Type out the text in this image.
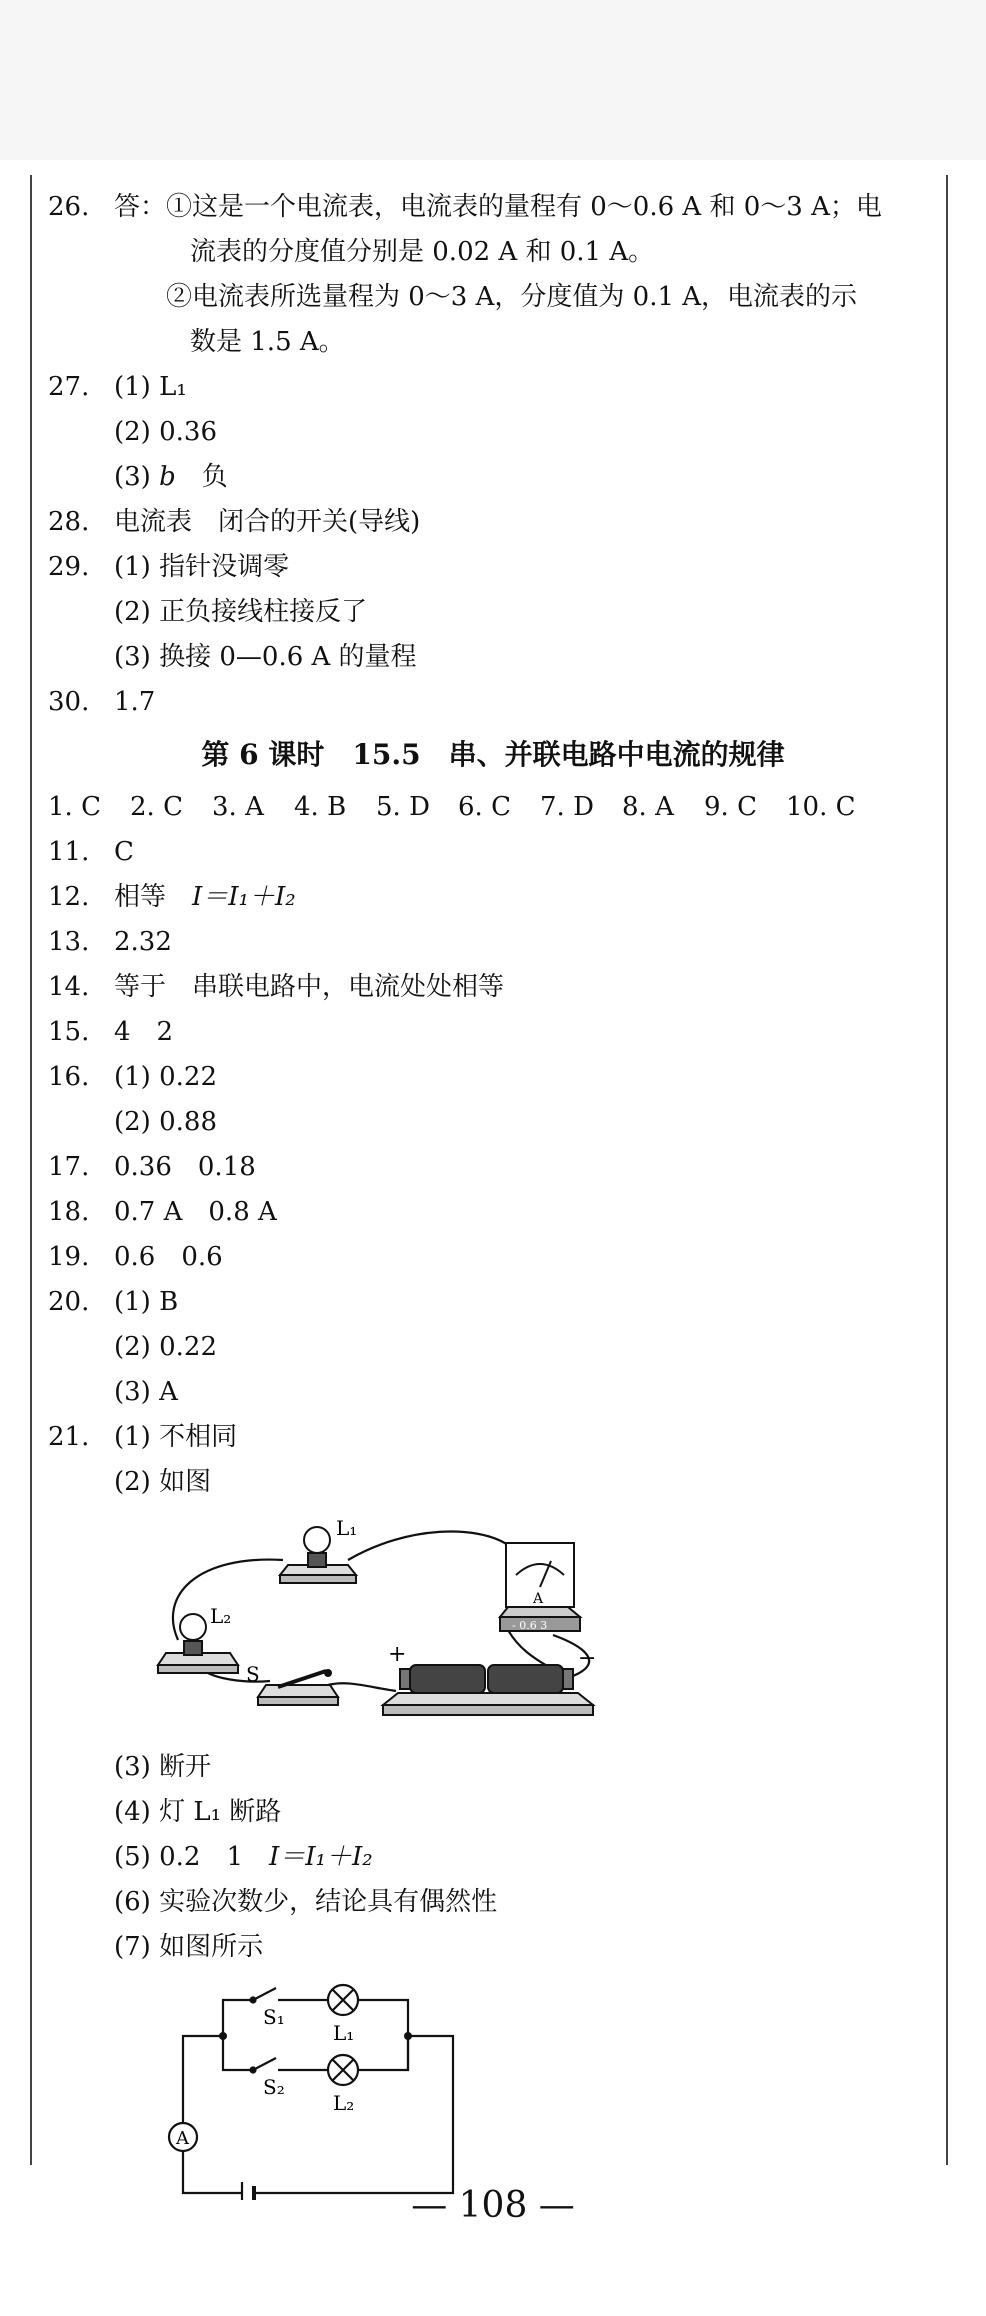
26. 答：①这是一个电流表，电流表的量程有 0～0.6 A 和 0～3 A；电
流表的分度值分别是 0.02 A 和 0.1 A。
②电流表所选量程为 0～3 A，分度值为 0.1 A，电流表的示
数是 1.5 A。
27. (1) L₁
(2) 0.36
(3) b　负
28. 电流表　闭合的开关(导线)
29. (1) 指针没调零
(2) 正负接线柱接反了
(3) 换接 0—0.6 A 的量程
30. 1.7
第 6 课时　15.5　串、并联电路中电流的规律
1. C 2. C 3. A 4. B 5. D 6. C 7. D 8. A 9. C 10. C
11. C
12. 相等　I＝I₁＋I₂
13. 2.32
14. 等于　串联电路中，电流处处相等
15. 4　2
16. (1) 0.22
(2) 0.88
17. 0.36　0.18
18. 0.7 A　0.8 A
19. 0.6　0.6
20. (1) B
(2) 0.22
(3) A
21. (1) 不相同
(2) 如图
L₁
L₂
A
- 0.6 3
S
+	−
(3) 断开
(4) 灯 L₁ 断路
(5) 0.2　1　I＝I₁＋I₂
(6) 实验次数少，结论具有偶然性
(7) 如图所示
S₁
L₁
S₂
L₂
A
— 108 —
